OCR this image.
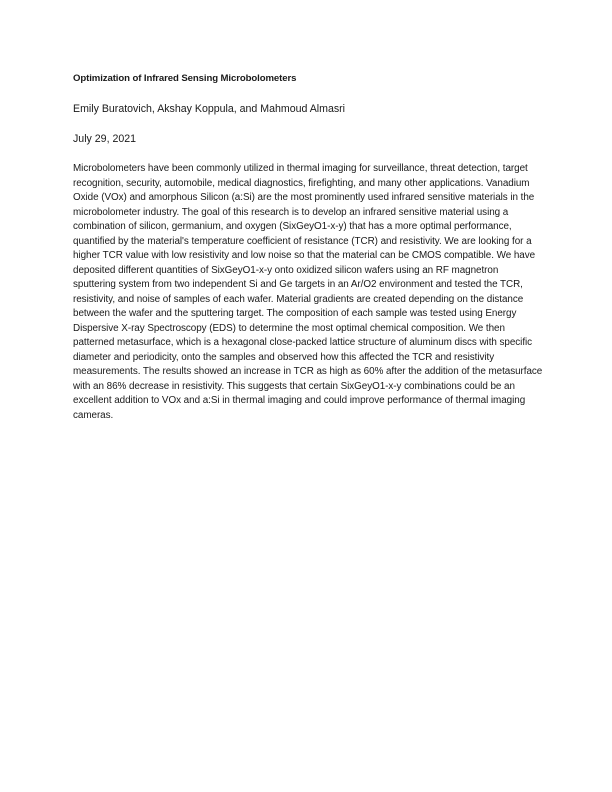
Optimization of Infrared Sensing Microbolometers

Emily Buratovich, Akshay Koppula, and Mahmoud Almasri

July 29, 2021

Microbolometers have been commonly utilized in thermal imaging for surveillance, threat detection, target recognition, security, automobile, medical diagnostics, firefighting, and many other applications. Vanadium Oxide (VOx) and amorphous Silicon (a:Si) are the most prominently used infrared sensitive materials in the microbolometer industry. The goal of this research is to develop an infrared sensitive material using a combination of silicon, germanium, and oxygen (SixGeyO1-x-y) that has a more optimal performance, quantified by the material's temperature coefficient of resistance (TCR) and resistivity. We are looking for a higher TCR value with low resistivity and low noise so that the material can be CMOS compatible. We have deposited different quantities of SixGeyO1-x-y onto oxidized silicon wafers using an RF magnetron sputtering system from two independent Si and Ge targets in an Ar/O2 environment and tested the TCR, resistivity, and noise of samples of each wafer. Material gradients are created depending on the distance between the wafer and the sputtering target. The composition of each sample was tested using Energy Dispersive X-ray Spectroscopy (EDS) to determine the most optimal chemical composition. We then patterned metasurface, which is a hexagonal close-packed lattice structure of aluminum discs with specific diameter and periodicity, onto the samples and observed how this affected the TCR and resistivity measurements. The results showed an increase in TCR as high as 60% after the addition of the metasurface with an 86% decrease in resistivity. This suggests that certain SixGeyO1-x-y combinations could be an excellent addition to VOx and a:Si in thermal imaging and could improve performance of thermal imaging cameras.
